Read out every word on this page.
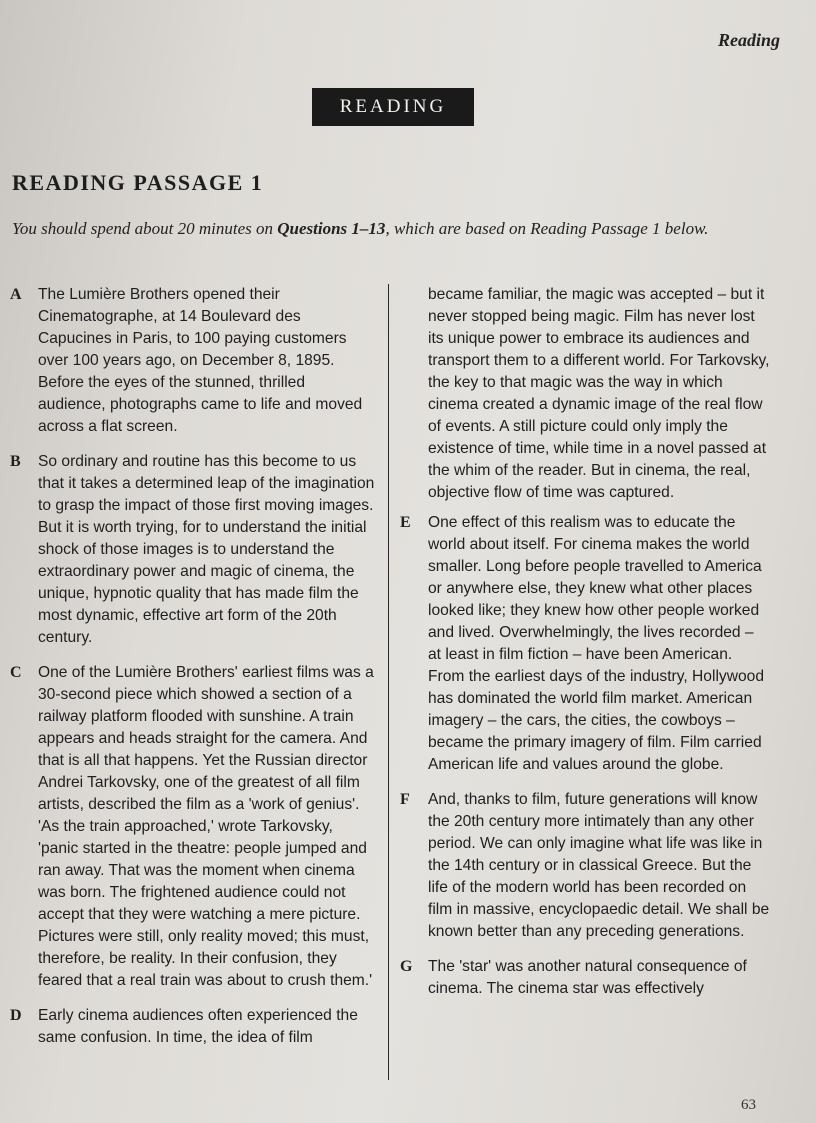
Reading
READING
READING PASSAGE 1
You should spend about 20 minutes on Questions 1–13, which are based on Reading Passage 1 below.
A The Lumière Brothers opened their Cinematographe, at 14 Boulevard des Capucines in Paris, to 100 paying customers over 100 years ago, on December 8, 1895. Before the eyes of the stunned, thrilled audience, photographs came to life and moved across a flat screen.
B So ordinary and routine has this become to us that it takes a determined leap of the imagination to grasp the impact of those first moving images. But it is worth trying, for to understand the initial shock of those images is to understand the extraordinary power and magic of cinema, the unique, hypnotic quality that has made film the most dynamic, effective art form of the 20th century.
C One of the Lumière Brothers' earliest films was a 30-second piece which showed a section of a railway platform flooded with sunshine. A train appears and heads straight for the camera. And that is all that happens. Yet the Russian director Andrei Tarkovsky, one of the greatest of all film artists, described the film as a 'work of genius'. 'As the train approached,' wrote Tarkovsky, 'panic started in the theatre: people jumped and ran away. That was the moment when cinema was born. The frightened audience could not accept that they were watching a mere picture. Pictures were still, only reality moved; this must, therefore, be reality. In their confusion, they feared that a real train was about to crush them.'
D Early cinema audiences often experienced the same confusion. In time, the idea of film
became familiar, the magic was accepted – but it never stopped being magic. Film has never lost its unique power to embrace its audiences and transport them to a different world. For Tarkovsky, the key to that magic was the way in which cinema created a dynamic image of the real flow of events. A still picture could only imply the existence of time, while time in a novel passed at the whim of the reader. But in cinema, the real, objective flow of time was captured.
E One effect of this realism was to educate the world about itself. For cinema makes the world smaller. Long before people travelled to America or anywhere else, they knew what other places looked like; they knew how other people worked and lived. Overwhelmingly, the lives recorded – at least in film fiction – have been American. From the earliest days of the industry, Hollywood has dominated the world film market. American imagery – the cars, the cities, the cowboys – became the primary imagery of film. Film carried American life and values around the globe.
F And, thanks to film, future generations will know the 20th century more intimately than any other period. We can only imagine what life was like in the 14th century or in classical Greece. But the life of the modern world has been recorded on film in massive, encyclopaedic detail. We shall be known better than any preceding generations.
G The 'star' was another natural consequence of cinema. The cinema star was effectively
63
